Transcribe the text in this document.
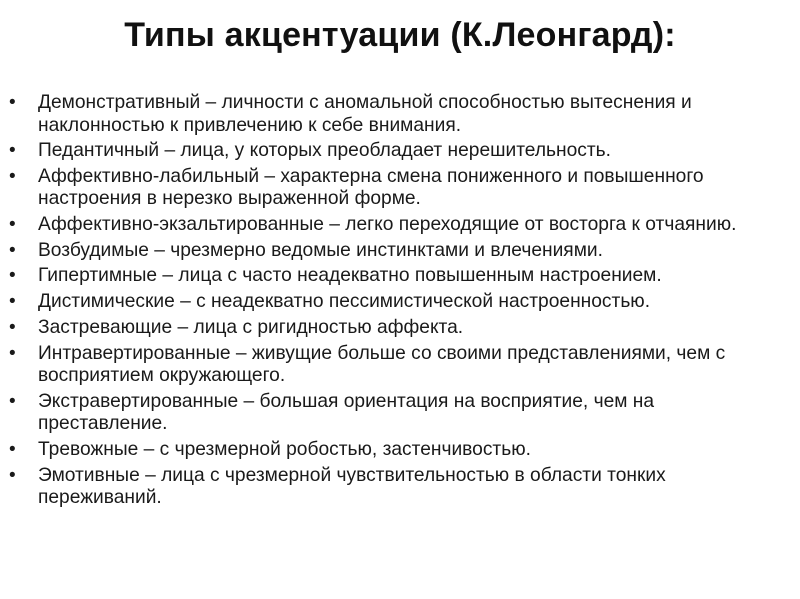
Типы акцентуации (К.Леонгард):
• Демонстративный – личности с аномальной способностью вытеснения и наклонностью к привлечению к себе внимания.
• Педантичный – лица, у которых преобладает нерешительность.
• Аффективно-лабильный – характерна смена пониженного и повышенного настроения в нерезко выраженной форме.
• Аффективно-экзальтированные – легко переходящие от восторга к отчаянию.
• Возбудимые – чрезмерно ведомые инстинктами и влечениями.
• Гипертимные – лица с часто неадекватно повышенным настроением.
• Дистимические – с неадекватно пессимистической настроенностью.
• Застревающие – лица с ригидностью аффекта.
• Интравертированные – живущие больше со своими представлениями, чем с восприятием окружающего.
• Экстравертированные – большая ориентация на восприятие, чем на преставление.
• Тревожные – с чрезмерной робостью, застенчивостью.
• Эмотивные – лица с чрезмерной чувствительностью в области тонких переживаний.
